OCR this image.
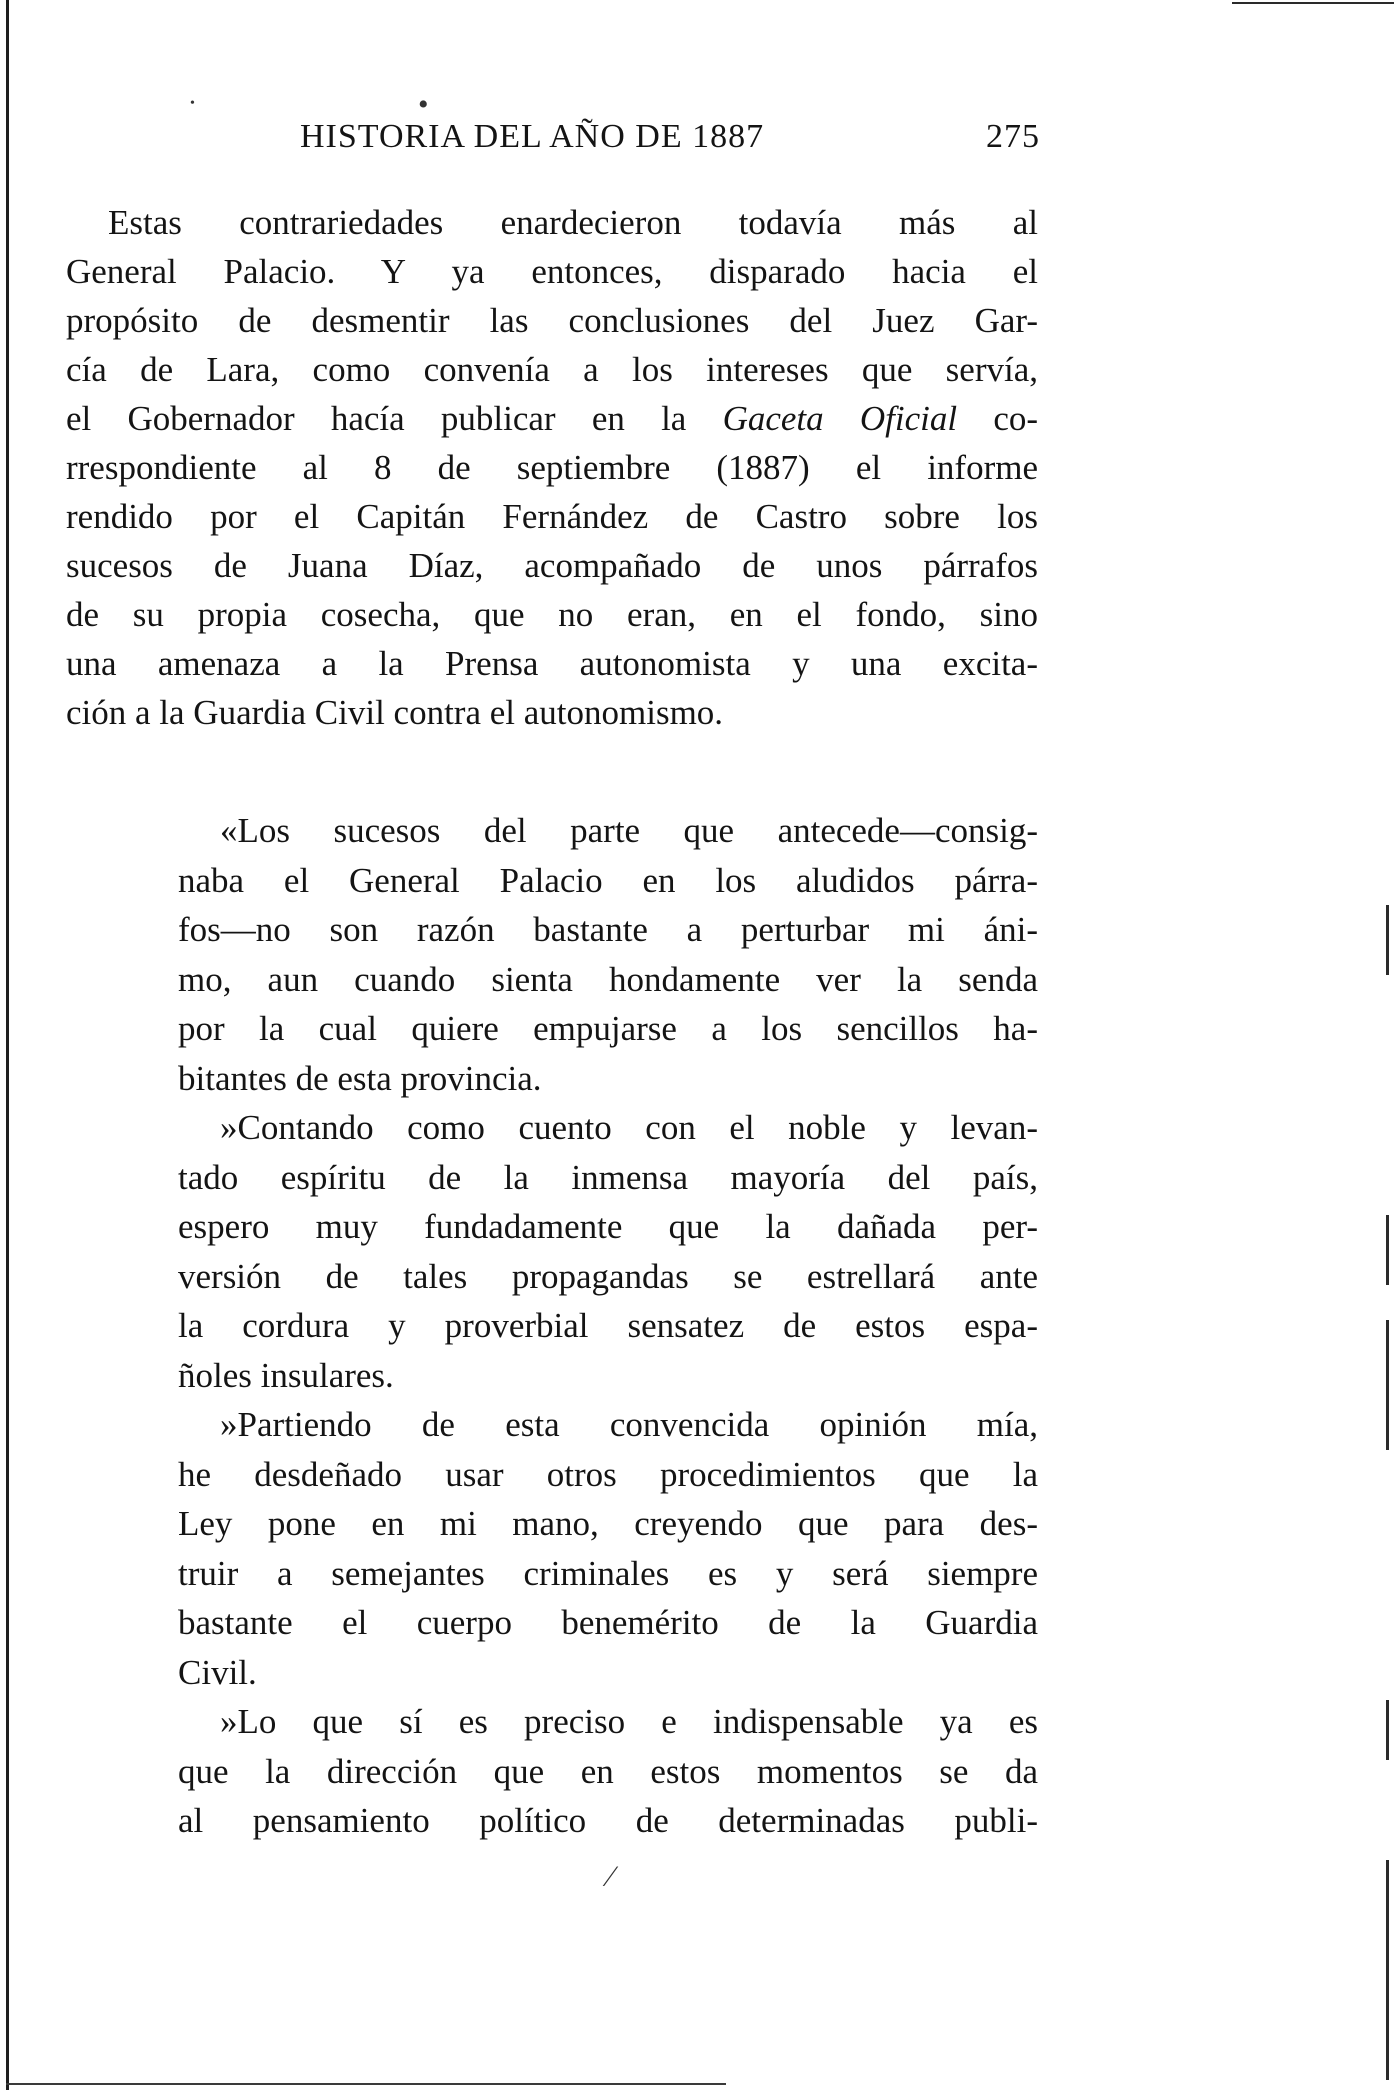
HISTORIA DEL AÑO DE 1887	275
Estas contrariedades enardecieron todavía más al
General Palacio. Y ya entonces, disparado hacia el
propósito de desmentir las conclusiones del Juez Gar-
cía de Lara, como convenía a los intereses que servía,
el Gobernador hacía publicar en la Gaceta Oficial co-
rrespondiente al 8 de septiembre (1887) el informe
rendido por el Capitán Fernández de Castro sobre los
sucesos de Juana Díaz, acompañado de unos párrafos
de su propia cosecha, que no eran, en el fondo, sino
una amenaza a la Prensa autonomista y una excita-
ción a la Guardia Civil contra el autonomismo.
«Los sucesos del parte que antecede—consig-
naba el General Palacio en los aludidos párra-
fos—no son razón bastante a perturbar mi áni-
mo, aun cuando sienta hondamente ver la senda
por la cual quiere empujarse a los sencillos ha-
bitantes de esta provincia.
»Contando como cuento con el noble y levan-
tado espíritu de la inmensa mayoría del país,
espero muy fundadamente que la dañada per-
versión de tales propagandas se estrellará ante
la cordura y proverbial sensatez de estos espa-
ñoles insulares.
»Partiendo de esta convencida opinión mía,
he desdeñado usar otros procedimientos que la
Ley pone en mi mano, creyendo que para des-
truir a semejantes criminales es y será siempre
bastante el cuerpo benemérito de la Guardia
Civil.
»Lo que sí es preciso e indispensable ya es
que la dirección que en estos momentos se da
al pensamiento político de determinadas publi-
•
•
⁄
